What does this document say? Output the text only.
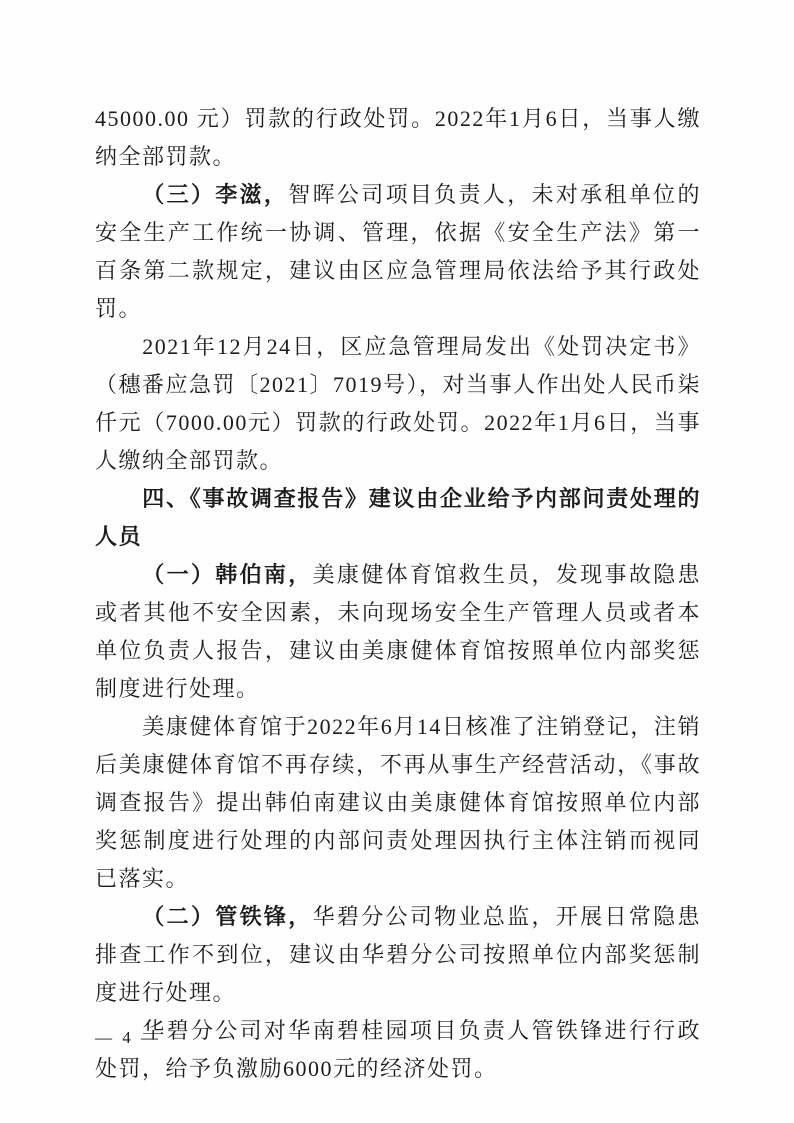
45000.00 元）罚款的行政处罚。2022年1月6日，当事人缴纳全部罚款。

（三）李滋，智晖公司项目负责人，未对承租单位的安全生产工作统一协调、管理，依据《安全生产法》第一百条第二款规定，建议由区应急管理局依法给予其行政处罚。

2021年12月24日，区应急管理局发出《处罚决定书》（穗番应急罚〔2021〕7019号），对当事人作出处人民币柒仟元（7000.00元）罚款的行政处罚。2022年1月6日，当事人缴纳全部罚款。

四、《事故调查报告》建议由企业给予内部问责处理的人员

（一）韩伯南，美康健体育馆救生员，发现事故隐患或者其他不安全因素，未向现场安全生产管理人员或者本单位负责人报告，建议由美康健体育馆按照单位内部奖惩制度进行处理。

美康健体育馆于2022年6月14日核准了注销登记，注销后美康健体育馆不再存续，不再从事生产经营活动，《事故调查报告》提出韩伯南建议由美康健体育馆按照单位内部奖惩制度进行处理的内部问责处理因执行主体注销而视同已落实。

（二）管铁锋，华碧分公司物业总监，开展日常隐患排查工作不到位，建议由华碧分公司按照单位内部奖惩制度进行处理。

华碧分公司对华南碧桂园项目负责人管铁锋进行行政处罚，给予负激励6000元的经济处罚。

— 4 —
